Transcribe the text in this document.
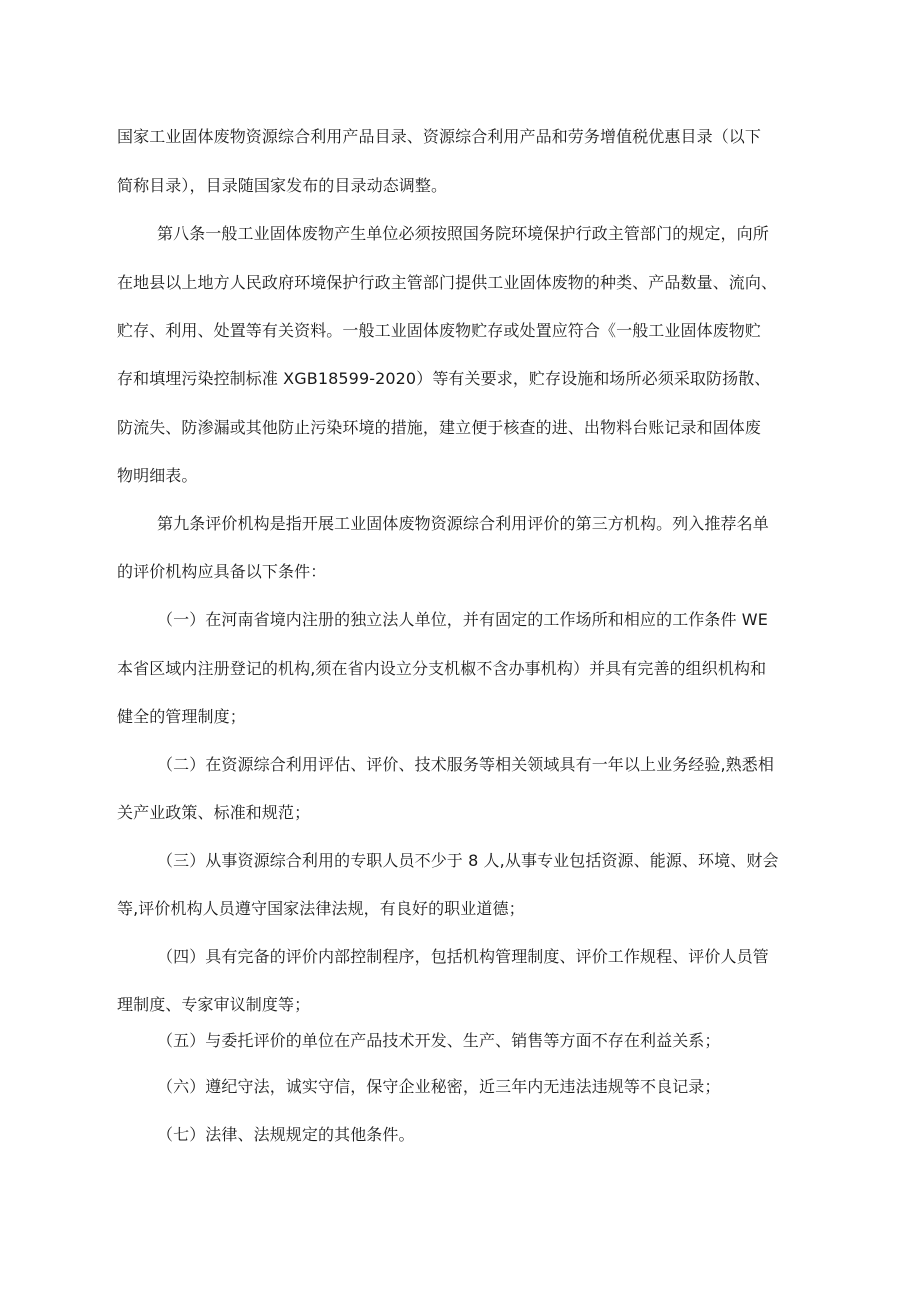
国家工业固体废物资源综合利用产品目录、资源综合利用产品和劳务增值税优惠目录（以下
简称目录），目录随国家发布的目录动态调整。
第八条一般工业固体废物产生单位必须按照国务院环境保护行政主管部门的规定，向所
在地县以上地方人民政府环境保护行政主管部门提供工业固体废物的种类、产品数量、流向、
贮存、利用、处置等有关资料。一般工业固体废物贮存或处置应符合《一般工业固体废物贮
存和填埋污染控制标准 XGB18599-2020）等有关要求，贮存设施和场所必须采取防扬散、
防流失、防渗漏或其他防止污染环境的措施，建立便于核查的进、出物料台账记录和固体废
物明细表。
第九条评价机构是指开展工业固体废物资源综合利用评价的第三方机构。列入推荐名单
的评价机构应具备以下条件：
（一）在河南省境内注册的独立法人单位，并有固定的工作场所和相应的工作条件 WE
本省区域内注册登记的机构,须在省内设立分支机椒不含办事机构）并具有完善的组织机构和
健全的管理制度；
（二）在资源综合利用评估、评价、技术服务等相关领域具有一年以上业务经验,熟悉相
关产业政策、标准和规范；
（三）从事资源综合利用的专职人员不少于 8 人,从事专业包括资源、能源、环境、财会
等,评价机构人员遵守国家法律法规，有良好的职业道德；
（四）具有完备的评价内部控制程序，包括机构管理制度、评价工作规程、评价人员管
理制度、专家审议制度等；
（五）与委托评价的单位在产品技术开发、生产、销售等方面不存在利益关系；
（六）遵纪守法，诚实守信，保守企业秘密，近三年内无违法违规等不良记录；
（七）法律、法规规定的其他条件。
